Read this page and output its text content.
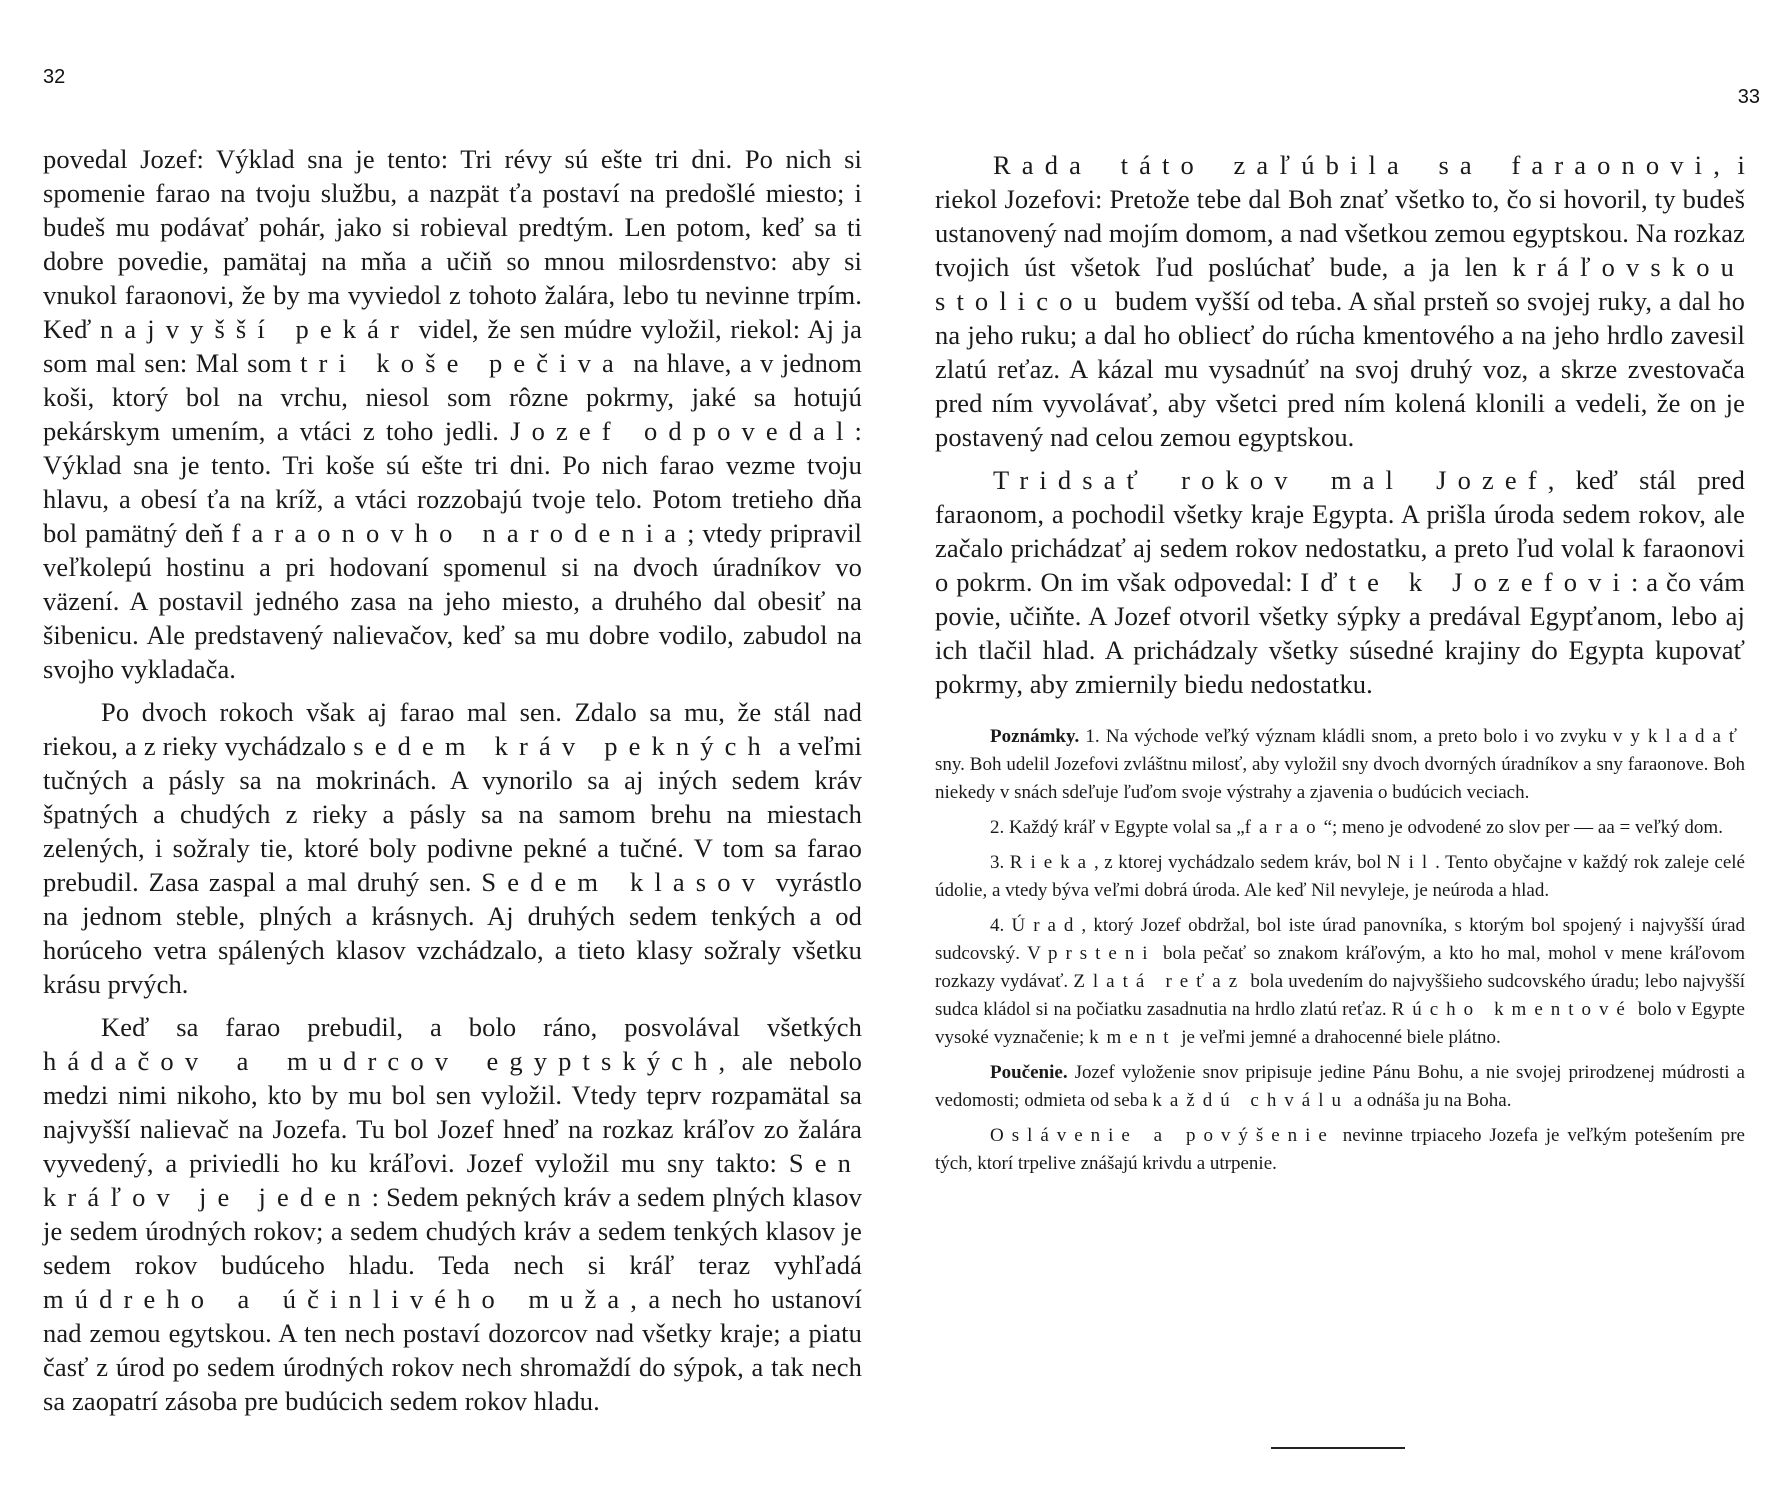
32
33

povedal Jozef: Výklad sna je tento: Tri révy sú ešte tri dni. Po nich si spomenie farao na tvoju službu, a nazpät ťa postaví na predošlé miesto; i budeš mu podávať pohár, jako si robieval predtým. Len potom, keď sa ti dobre povedie, pamätaj na mňa a učiň so mnou milosrdenstvo: aby si vnukol faraonovi, že by ma vyviedol z tohoto žalára, lebo tu nevinne trpím. Keď najvyšší pekár videl, že sen múdre vyložil, riekol: Aj ja som mal sen: Mal som tri koše pečiva na hlave, a v jednom koši, ktorý bol na vrchu, niesol som rôzne pokrmy, jaké sa hotujú pekárskym umením, a vtáci z toho jedli. Jozef odpovedal: Výklad sna je tento. Tri koše sú ešte tri dni. Po nich farao vezme tvoju hlavu, a obesí ťa na kríž, a vtáci rozzobajú tvoje telo. Potom tretieho dňa bol pamätný deň faraonovho narodenia; vtedy pripravil veľkolepú hostinu a pri hodovaní spomenul si na dvoch úradníkov vo väzení. A postavil jedného zasa na jeho miesto, a druhého dal obesiť na šibenicu. Ale predstavený nalievačov, keď sa mu dobre vodilo, zabudol na svojho vykladača.

Po dvoch rokoch však aj farao mal sen. Zdalo sa mu, že stál nad riekou, a z rieky vychádzalo sedem kráv pekných a veľmi tučných a pásly sa na mokrinách. A vynorilo sa aj iných sedem kráv špatných a chudých z rieky a pásly sa na samom brehu na miestach zelených, i sožraly tie, ktoré boly podivne pekné a tučné. V tom sa farao prebudil. Zasa zaspal a mal druhý sen. Sedem klasov vyrástlo na jednom steble, plných a krásnych. Aj druhých sedem tenkých a od horúceho vetra spálených klasov vzchádzalo, a tieto klasy sožraly všetku krásu prvých.

Keď sa farao prebudil, a bolo ráno, posvolával všetkých hádačov a mudrcov egyptských, ale nebolo medzi nimi nikoho, kto by mu bol sen vyložil. Vtedy teprv rozpamätal sa najvyšší nalievač na Jozefa. Tu bol Jozef hneď na rozkaz kráľov zo žalára vyvedený, a priviedli ho ku kráľovi. Jozef vyložil mu sny takto: Sen kráľov je jeden: Sedem pekných kráv a sedem plných klasov je sedem úrodných rokov; a sedem chudých kráv a sedem tenkých klasov je sedem rokov budúceho hladu. Teda nech si kráľ teraz vyhľadá múdreho a účinlivého muža, a nech ho ustanoví nad zemou egytskou. A ten nech postaví dozorcov nad všetky kraje; a piatu časť z úrod po sedem úrodných rokov nech shromaždí do sýpok, a tak nech sa zaopatrí zásoba pre budúcich sedem rokov hladu.

Rada táto zaľúbila sa faraonovi, i riekol Jozefovi: Pretože tebe dal Boh znať všetko to, čo si hovoril, ty budeš ustanovený nad mojím domom, a nad všetkou zemou egyptskou. Na rozkaz tvojich úst všetok ľud poslúchať bude, a ja len kráľovskou stolicou budem vyšší od teba. A sňal prsteň so svojej ruky, a dal ho na jeho ruku; a dal ho obliecť do rúcha kmentového a na jeho hrdlo zavesil zlatú reťaz. A kázal mu vysadnúť na svoj druhý voz, a skrze zvestovača pred ním vyvolávať, aby všetci pred ním kolená klonili a vedeli, že on je postavený nad celou zemou egyptskou.

Tridsať rokov mal Jozef, keď stál pred faraonom, a pochodil všetky kraje Egypta. A prišla úroda sedem rokov, ale začalo prichádzať aj sedem rokov nedostatku, a preto ľud volal k faraonovi o pokrm. On im však odpovedal: Iďte k Jozefovi: a čo vám povie, učiňte. A Jozef otvoril všetky sýpky a predával Egypťanom, lebo aj ich tlačil hlad. A prichádzaly všetky súsedné krajiny do Egypta kupovať pokrmy, aby zmiernily biedu nedostatku.

Poznámky. 1. Na východe veľký význam kládli snom, a preto bolo i vo zvyku vykladať sny. Boh udelil Jozefovi zvláštnu milosť, aby vyložil sny dvoch dvorných úradníkov a sny faraonove. Boh niekedy v snách sdeľuje ľuďom svoje výstrahy a zjavenia o budúcich veciach.

2. Každý kráľ v Egypte volal sa „farao“; meno je odvodené zo slov per — aa = veľký dom.

3. Rieka, z ktorej vychádzalo sedem kráv, bol Nil. Tento obyčajne v každý rok zaleje celé údolie, a vtedy býva veľmi dobrá úroda. Ale keď Nil nevyleje, je neúroda a hlad.

4. Úrad, ktorý Jozef obdržal, bol iste úrad panovníka, s ktorým bol spojený i najvyšší úrad sudcovský. V prsteni bola pečať so znakom kráľovým, a kto ho mal, mohol v mene kráľovom rozkazy vydávať. Zlatá reťaz bola uvedením do najvyššieho sudcovského úradu; lebo najvyšší sudca kládol si na počiatku zasadnutia na hrdlo zlatú reťaz. Rúcho kmentové bolo v Egypte vysoké vyznačenie; kment je veľmi jemné a drahocenné biele plátno.

Poučenie. Jozef vyloženie snov pripisuje jedine Pánu Bohu, a nie svojej prirodzenej múdrosti a vedomosti; odmieta od seba každú chválu a odnáša ju na Boha.

Oslávenie a povýšenie nevinne trpiaceho Jozefa je veľkým potešením pre tých, ktorí trpelive znášajú krivdu a utrpenie.
